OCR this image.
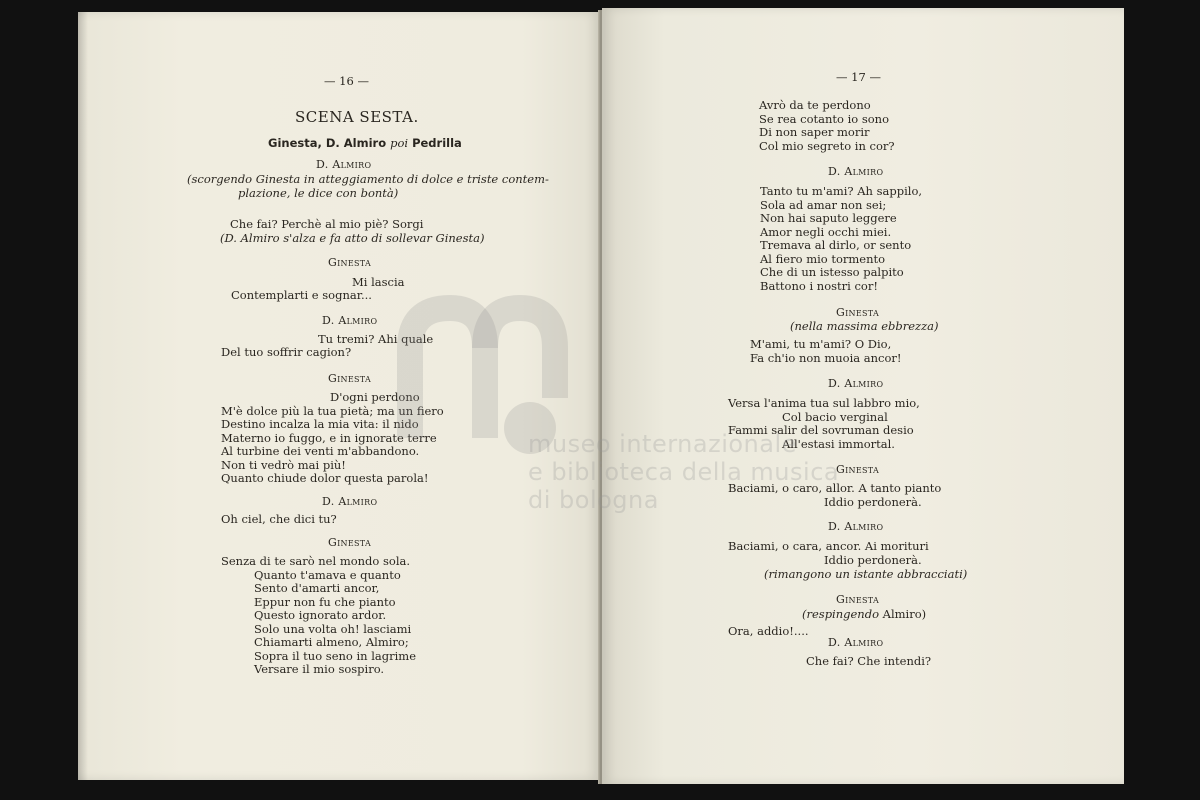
— 16 —
SCENA SESTA.
Ginesta, D. Almiro poi Pedrilla
D. Almiro
(scorgendo Ginesta in atteggiamento di dolce e triste contem-
plazione, le dice con bontà)
Che fai? Perchè al mio piè? Sorgi
(D. Almiro s'alza e fa atto di sollevar Ginesta)
Ginesta
Mi lascia
Contemplarti e sognar...
D. Almiro
Tu tremi? Ahi quale
Del tuo soffrir cagion?
Ginesta
D'ogni perdono
M'è dolce più la tua pietà; ma un fiero
Destino incalza la mia vita: il nido
Materno io fuggo, e in ignorate terre
Al turbine dei venti m'abbandono.
Non ti vedrò mai più!
Quanto chiude dolor questa parola!
D. Almiro
Oh ciel, che dici tu?
Ginesta
Senza di te sarò nel mondo sola.
Quanto t'amava e quanto
Sento d'amarti ancor,
Eppur non fu che pianto
Questo ignorato ardor.
Solo una volta oh! lasciami
Chiamarti almeno, Almiro;
Sopra il tuo seno in lagrime
Versare il mio sospiro.
— 17 —
Avrò da te perdono
Se rea cotanto io sono
Di non saper morir
Col mio segreto in cor?
D. Almiro
Tanto tu m'ami? Ah sappilo,
Sola ad amar non sei;
Non hai saputo leggere
Amor negli occhi miei.
Tremava al dirlo, or sento
Al fiero mio tormento
Che di un istesso palpito
Battono i nostri cor!
Ginesta
(nella massima ebbrezza)
M'ami, tu m'ami? O Dio,
Fa ch'io non muoia ancor!
D. Almiro
Versa l'anima tua sul labbro mio,
Col bacio verginal
Fammi salir del sovruman desio
All'estasi immortal.
Ginesta
Baciami, o caro, allor. A tanto pianto
Iddio perdonerà.
D. Almiro
Baciami, o cara, ancor. Ai morituri
Iddio perdonerà.
(rimangono un istante abbracciati)
Ginesta
(respingendo Almiro)
Ora, addio!....
D. Almiro
Che fai? Che intendi?
museo internazionale
e biblioteca della musica
di bologna
